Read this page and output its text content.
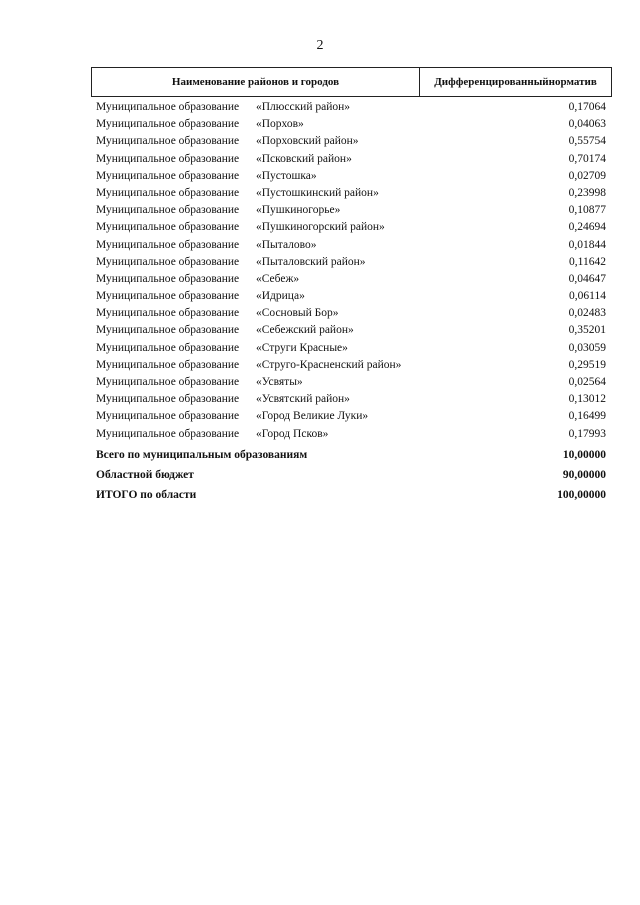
2
Наименование районов и городов	Дифференцированный норматив
Муниципальное образование «Плюсский район»	0,17064
Муниципальное образование «Порхов»	0,04063
Муниципальное образование «Порховский район»	0,55754
Муниципальное образование «Псковский район»	0,70174
Муниципальное образование «Пустошка»	0,02709
Муниципальное образование «Пустошкинский район»	0,23998
Муниципальное образование «Пушкиногорье»	0,10877
Муниципальное образование «Пушкиногорский район»	0,24694
Муниципальное образование «Пыталово»	0,01844
Муниципальное образование «Пыталовский район»	0,11642
Муниципальное образование «Себеж»	0,04647
Муниципальное образование «Идрица»	0,06114
Муниципальное образование «Сосновый Бор»	0,02483
Муниципальное образование «Себежский район»	0,35201
Муниципальное образование «Струги Красные»	0,03059
Муниципальное образование «Струго-Красненский район»	0,29519
Муниципальное образование «Усвяты»	0,02564
Муниципальное образование «Усвятский район»	0,13012
Муниципальное образование «Город Великие Луки»	0,16499
Муниципальное образование «Город Псков»	0,17993
Всего по муниципальным образованиям	10,00000
Областной бюджет	90,00000
ИТОГО по области	100,00000
